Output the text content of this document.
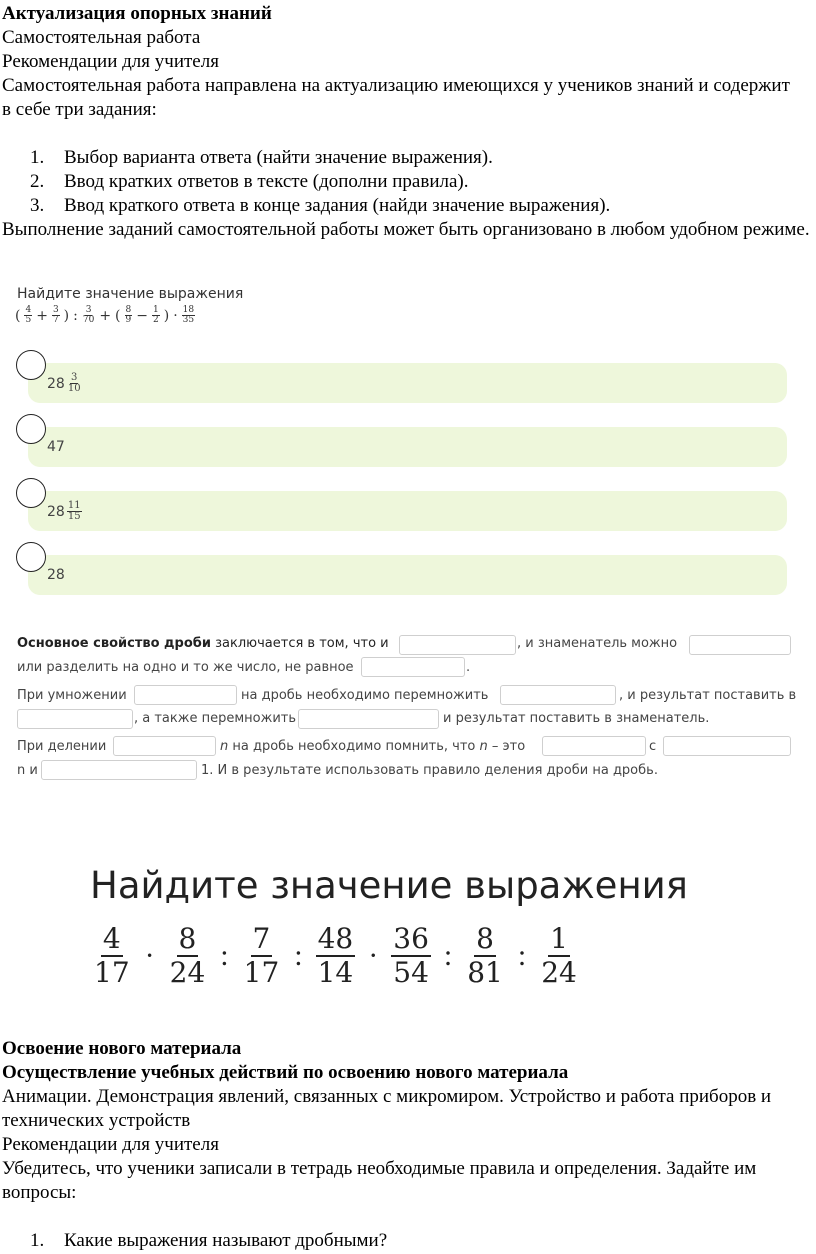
Актуализация опорных знаний
Самостоятельная работа
Рекомендации для учителя
Самостоятельная работа направлена на актуализацию имеющихся у учеников знаний и содержит в себе три задания:
1. Выбор варианта ответа (найти значение выражения).
2. Ввод кратких ответов в тексте (дополни правила).
3. Ввод краткого ответа в конце задания (найди значение выражения).
Выполнение заданий самостоятельной работы может быть организовано в любом удобном режиме.
Найдите значение выражения
( $\frac{4}{5} + \frac{3}{7}$ ) : $\frac{3}{70}$ + ( $\frac{8}{9} - \frac{1}{2}$ ) · $\frac{18}{35}$
$28 \frac{3}{10}$
47
$28 \frac{11}{15}$
28
Основное свойство дроби заключается в том, что и	, и знаменатель можно
или разделить на одно и то же число, не равное	.
При умножении	на дробь необходимо перемножить	, и результат поставить в
, а также перемножить	и результат поставить в знаменатель.
При делении	n на дробь необходимо помнить, что n – это	с
n и	1. И в результате использовать правило деления дроби на дробь.
Найдите значение выражения
$\frac{4}{17} \cdot \frac{8}{24}$ : $\frac{7}{17}$ : $\frac{48}{14} \cdot \frac{36}{54}$ : $\frac{8}{81}$ : $\frac{1}{24}$
Освоение нового материала
Осуществление учебных действий по освоению нового материала
Анимации. Демонстрация явлений, связанных с микромиром. Устройство и работа приборов и технических устройств
Рекомендации для учителя
Убедитесь, что ученики записали в тетрадь необходимые правила и определения. Задайте им вопросы:
1. Какие выражения называют дробными?
